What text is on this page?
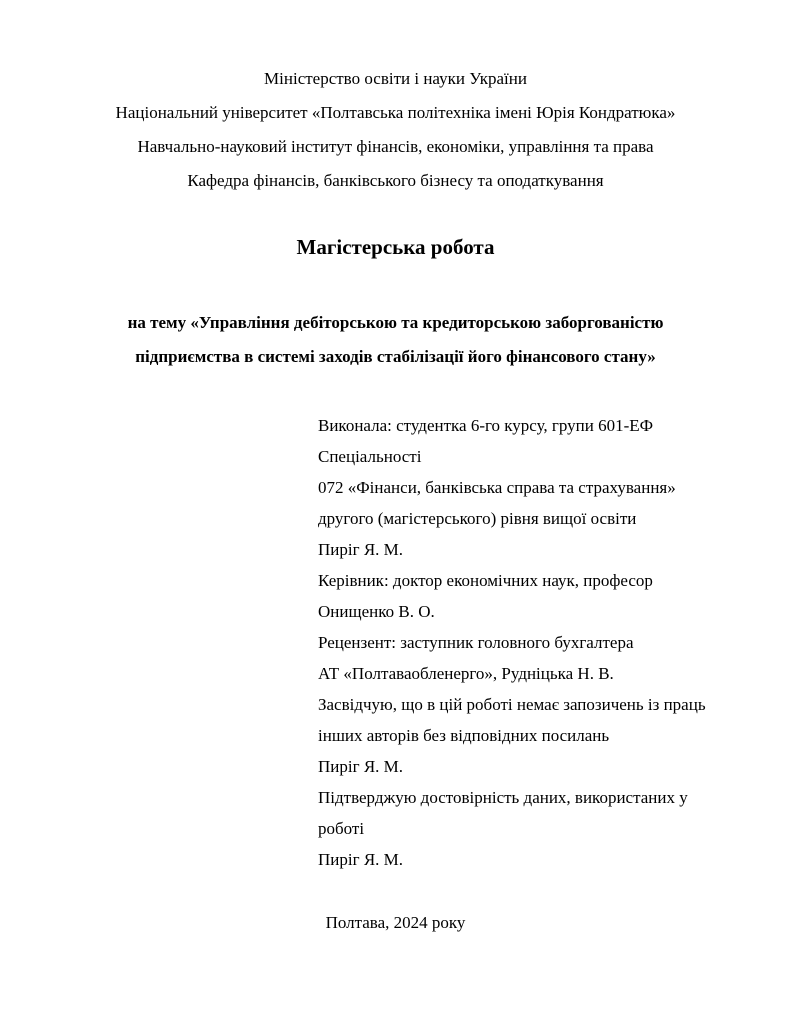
Міністерство освіти і науки України
Національний університет «Полтавська політехніка імені Юрія Кондратюка»
Навчально-науковий інститут фінансів, економіки, управління та права
Кафедра фінансів, банківського бізнесу та оподаткування
Магістерська робота
на тему «Управління дебіторською та кредиторською заборгованістю підприємства в системі заходів стабілізації його фінансового стану»
Виконала: студентка 6-го курсу, групи 601-ЕФ
Спеціальності
072 «Фінанси, банківська справа та страхування»
другого (магістерського) рівня вищої освіти
Пиріг Я. М.
Керівник: доктор економічних наук, професор
Онищенко В. О.
Рецензент: заступник головного бухгалтера
АТ «Полтаваобленерго», Рудніцька Н. В.
Засвідчую, що в цій роботі немає запозичень із праць
інших авторів без відповідних посилань
Пиріг Я. М.
Підтверджую достовірність даних, використаних у
роботі
Пиріг Я. М.
Полтава, 2024 року
